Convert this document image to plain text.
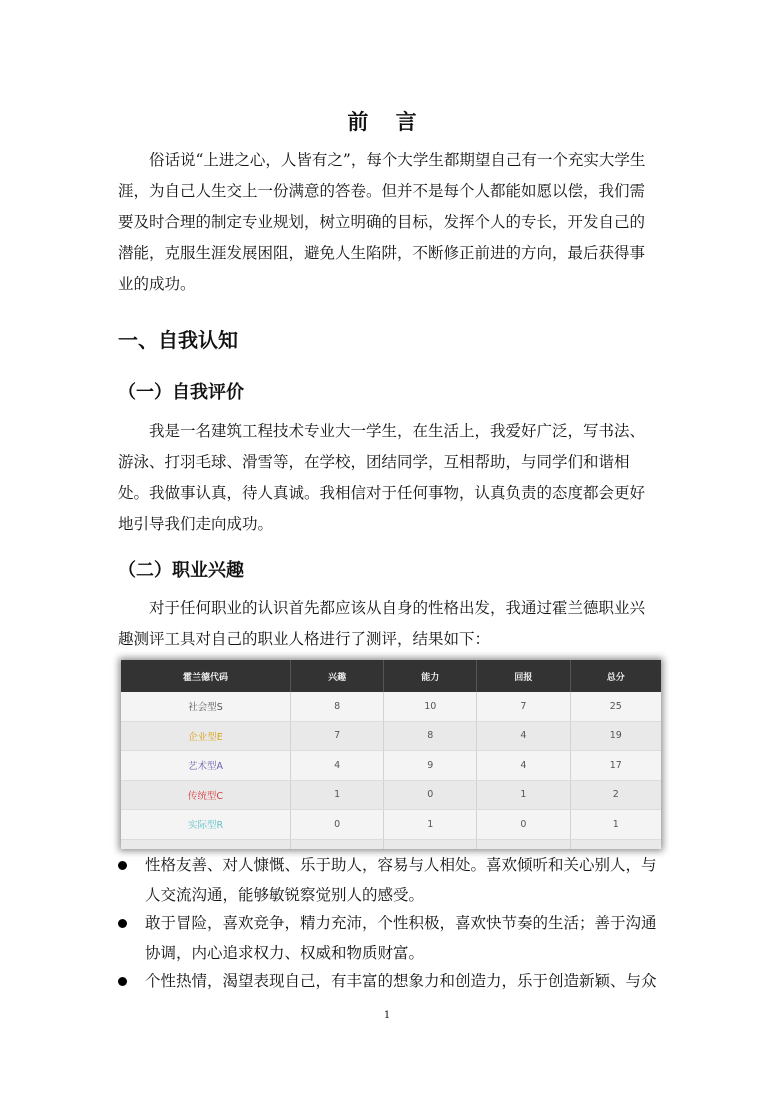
前 言
俗话说“上进之心，人皆有之”，每个大学生都期望自己有一个充实大学生涯，为自己人生交上一份满意的答卷。但并不是每个人都能如愿以偿，我们需要及时合理的制定专业规划，树立明确的目标，发挥个人的专长，开发自己的潜能，克服生涯发展困阻，避免人生陷阱，不断修正前进的方向，最后获得事业的成功。
一、自我认知
（一）自我评价
我是一名建筑工程技术专业大一学生，在生活上，我爱好广泛，写书法、游泳、打羽毛球、滑雪等，在学校，团结同学，互相帮助，与同学们和谐相处。 我做事认真，待人真诚。我相信对于任何事物，认真负责的态度都会更好地引导我们走向成功。
（二）职业兴趣
对于任何职业的认识首先都应该从自身的性格出发，我通过霍兰德职业兴趣测评工具对自己的职业人格进行了测评，结果如下：
霍兰德代码	兴趣	能力	回报	总分
社会型S	8	10	7	25
企业型E	7	8	4	19
艺术型A	4	9	4	17
传统型C	1	0	1	2
实际型R	0	1	0	1

性格友善、对人慷慨、乐于助人，容易与人相处。喜欢倾听和关心别人，与人交流沟通，能够敏锐察觉别人的感受。
敢于冒险，喜欢竞争，精力充沛，个性积极，喜欢快节奏的生活；善于沟通协调，内心追求权力、权威和物质财富。
个性热情，渴望表现自己，有丰富的想象力和创造力，乐于创造新颖、与众
1
